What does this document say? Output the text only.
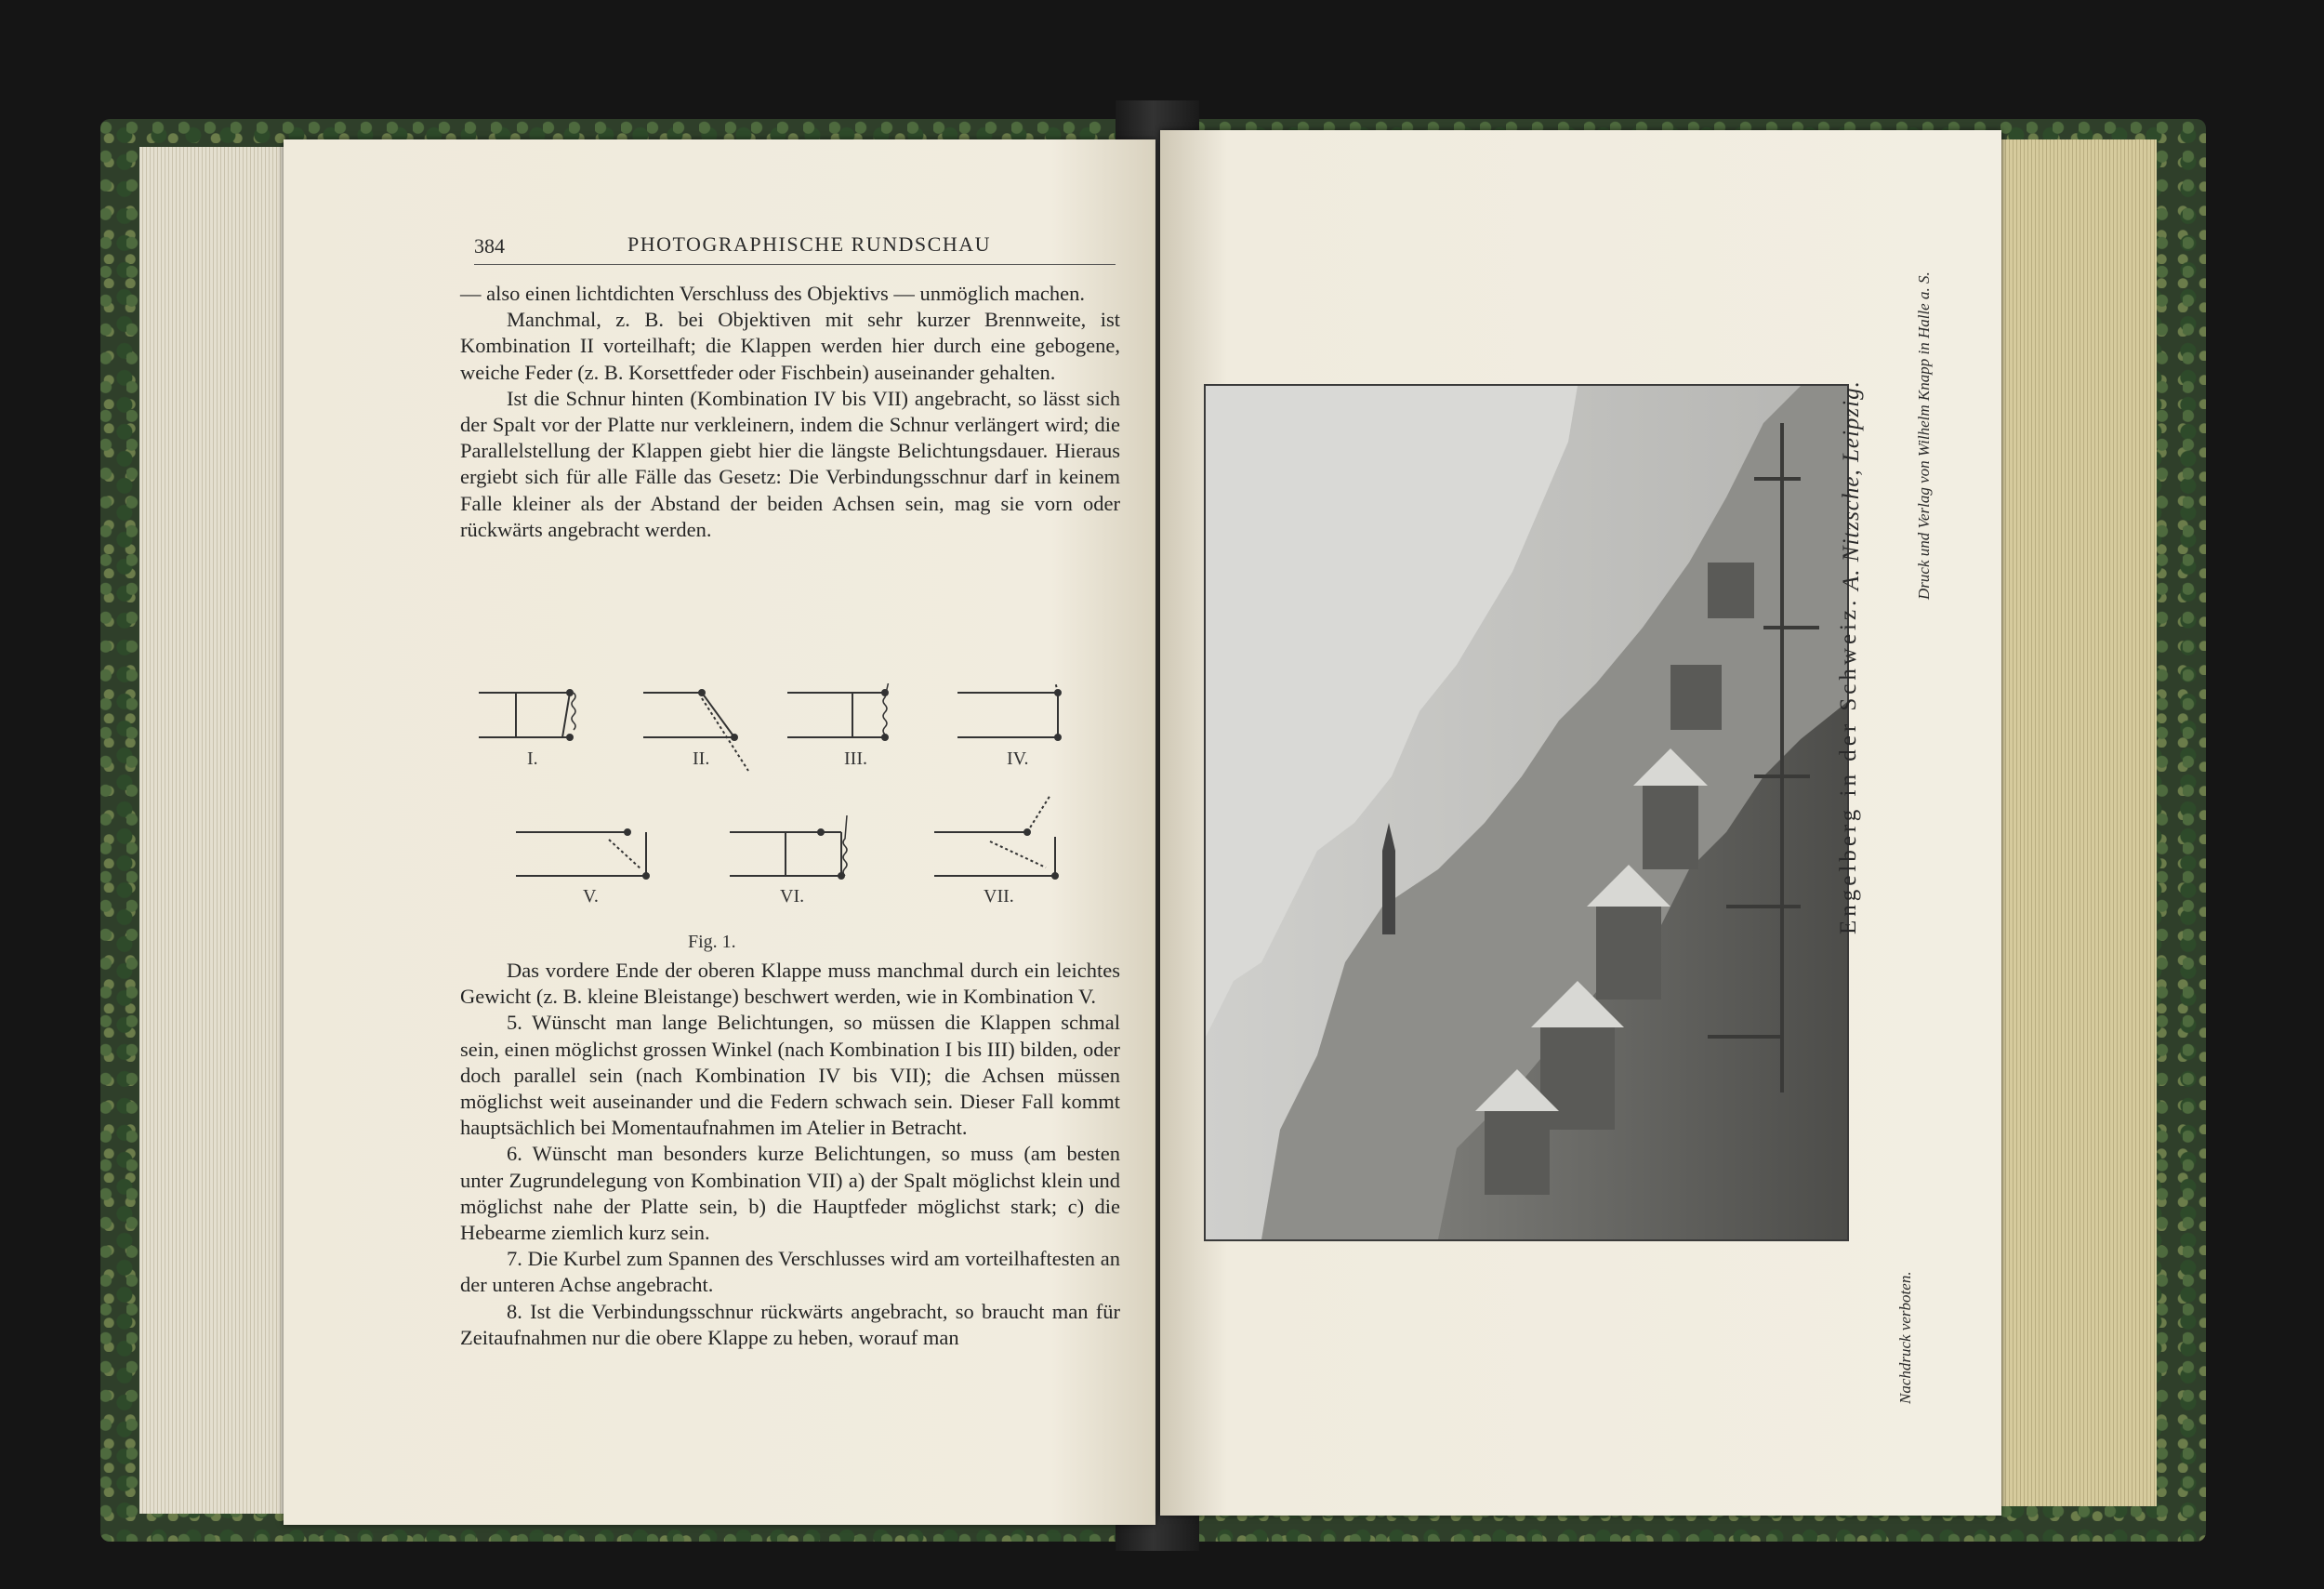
384	PHOTOGRAPHISCHE RUNDSCHAU

— also einen lichtdichten Verschluss des Objektivs — unmöglich machen.

Manchmal, z. B. bei Objektiven mit sehr kurzer Brennweite, ist Kombination II vorteilhaft; die Klappen werden hier durch eine gebogene, weiche Feder (z. B. Korsettfeder oder Fischbein) auseinander gehalten.

Ist die Schnur hinten (Kombination IV bis VII) angebracht, so lässt sich der Spalt vor der Platte nur verkleinern, indem die Schnur verlängert wird; die Parallelstellung der Klappen giebt hier die längste Belichtungsdauer. Hieraus ergiebt sich für alle Fälle das Gesetz: Die Verbindungsschnur darf in keinem Falle kleiner als der Abstand der beiden Achsen sein, mag sie vorn oder rückwärts angebracht werden.

I.	II.	III.	IV.
V.	VI.	VII.
Fig. 1.

Das vordere Ende der oberen Klappe muss manchmal durch ein leichtes Gewicht (z. B. kleine Bleistange) beschwert werden, wie in Kombination V.

5. Wünscht man lange Belichtungen, so müssen die Klappen schmal sein, einen möglichst grossen Winkel (nach Kombination I bis III) bilden, oder doch parallel sein (nach Kombination IV bis VII); die Achsen müssen möglichst weit auseinander und die Federn schwach sein. Dieser Fall kommt hauptsächlich bei Momentaufnahmen im Atelier in Betracht.

6. Wünscht man besonders kurze Belichtungen, so muss (am besten unter Zugrundelegung von Kombination VII) a) der Spalt möglichst klein und möglichst nahe der Platte sein, b) die Hauptfeder möglichst stark; c) die Hebearme ziemlich kurz sein.

7. Die Kurbel zum Spannen des Verschlusses wird am vorteilhaftesten an der unteren Achse angebracht.

8. Ist die Verbindungsschnur rückwärts angebracht, so braucht man für Zeitaufnahmen nur die obere Klappe zu heben, worauf man

Engelberg in der Schweiz.
A. Nitzsche, Leipzig.	Druck und Verlag von Wilhelm Knapp in Halle a. S.
Nachdruck verboten.
